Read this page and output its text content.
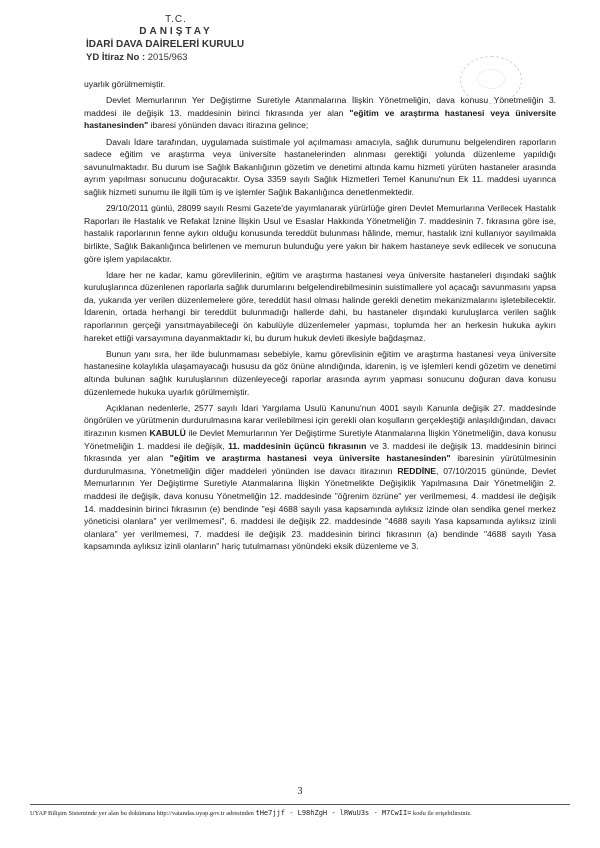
T.C.
DANIŞTAY
İDARİ DAVA DAİRELERİ KURULU
YD İtiraz No : 2015/963

uyarlık görülmemiştir.

Devlet Memurlarının Yer Değiştirme Suretiyle Atanmalarına İlişkin Yönetmeliğin, dava konusu Yönetmeliğin 3. maddesi ile değişik 13. maddesinin birinci fıkrasında yer alan "eğitim ve araştırma hastanesi veya üniversite hastanesinden" ibaresi yönünden davacı itirazına gelince;

Davalı İdare tarafından, uygulamada suistimale yol açılmaması amacıyla, sağlık durumunu belgelendiren raporların sadece eğitim ve araştırma veya üniversite hastanelerinden alınması gerektiği yolunda düzenleme yapıldığı savunulmaktadır. Bu durum ise Sağlık Bakanlığının gözetim ve denetimi altında kamu hizmeti yürüten hastaneler arasında ayrım yapılması sonucunu doğuracaktır. Oysa 3359 sayılı Sağlık Hizmetleri Temel Kanunu'nun Ek 11. maddesi uyarınca sağlık hizmeti sunumu ile ilgili tüm iş ve işlemler Sağlık Bakanlığınca denetlenmektedir.

29/10/2011 günlü, 28099 sayılı Resmi Gazete'de yayımlanarak yürürlüğe giren Devlet Memurlarına Verilecek Hastalık Raporları ile Hastalık ve Refakat İznine İlişkin Usul ve Esaslar Hakkında Yönetmeliğin 7. maddesinin 7. fıkrasına göre ise, hastalık raporlarının fenne aykırı olduğu konusunda tereddüt bulunması hâlinde, memur, hastalık izni kullanıyor sayılmakla birlikte, Sağlık Bakanlığınca belirlenen ve memurun bulunduğu yere yakın bir hakem hastaneye sevk edilecek ve sonucuna göre işlem yapılacaktır.

İdare her ne kadar, kamu görevlilerinin, eğitim ve araştırma hastanesi veya üniversite hastaneleri dışındaki sağlık kuruluşlarınca düzenlenen raporlarla sağlık durumlarını belgelendirebilmesinin suistimallere yol açacağı savunmasını yapsa da, yukarıda yer verilen düzenlemelere göre, tereddüt hasıl olması halinde gerekli denetim mekanizmalarını işletebilecektir. İdarenin, ortada herhangi bir tereddüt bulunmadığı hallerde dahi, bu hastaneler dışındaki kuruluşlarca verilen sağlık raporlarının gerçeği yansıtmayabileceği ön kabulüyle düzenlemeler yapması, toplumda her an herkesin hukuka aykırı hareket ettiği varsayımına dayanmaktadır ki, bu durum hukuk devleti ilkesiyle bağdaşmaz.

Bunun yanı sıra, her ilde bulunmaması sebebiyle, kamu görevlisinin eğitim ve araştırma hastanesi veya üniversite hastanesine kolaylıkla ulaşamayacağı hususu da göz önüne alındığında, idarenin, iş ve işlemleri kendi gözetim ve denetimi altında bulunan sağlık kuruluşlarının düzenleyeceği raporlar arasında ayrım yapması sonucunu doğuran dava konusu düzenlemede hukuka uyarlık görülmemiştir.

Açıklanan nedenlerle, 2577 sayılı İdari Yargılama Usulü Kanunu'nun 4001 sayılı Kanunla değişik 27. maddesinde öngörülen ve yürütmenin durdurulmasına karar verilebilmesi için gerekli olan koşulların gerçekleştiği anlaşıldığından, davacı itirazının kısmen KABULÜ ile Devlet Memurlarının Yer Değiştirme Suretiyle Atanmalarına İlişkin Yönetmeliğin, dava konusu Yönetmeliğin 1. maddesi ile değişik, 11. maddesinin üçüncü fıkrasının ve 3. maddesi ile değişik 13. maddesinin birinci fıkrasında yer alan "eğitim ve araştırma hastanesi veya üniversite hastanesinden" ibaresinin yürütülmesinin durdurulmasına, Yönetmeliğin diğer maddeleri yönünden ise davacı itirazının REDDİNE, 07/10/2015 gününde, Devlet Memurlarının Yer Değiştirme Suretiyle Atanmalarına İlişkin Yönetmelikte Değişiklik Yapılmasına Dair Yönetmeliğin 2. maddesi ile değişik, dava konusu Yönetmeliğin 12. maddesinde "öğrenim özrüne" yer verilmemesi, 4. maddesi ile değişik 14. maddesinin birinci fıkrasının (e) bendinde "eşi 4688 sayılı yasa kapsamında aylıksız izinde olan sendika genel merkez yöneticisi olanlara" yer verilmemesi", 6. maddesi ile değişik 22. maddesinde "4688 sayılı Yasa kapsamında aylıksız izinli olanlara" yer verilmemesi, 7. maddesi ile değişik 23. maddesinin birinci fıkrasının (a) bendinde "4688 sayılı Yasa kapsamında aylıksız izinli olanların" hariç tutulmaması yönündeki eksik düzenleme ve 3.

3
UYAP Bilişim Sisteminde yer alan bu dokümana http://vatandas.uyap.gov.tr adresinden tHe7jjf - L98hZgH - lRWuU3s - M7CwII= kodu ile erişebilirsiniz.
